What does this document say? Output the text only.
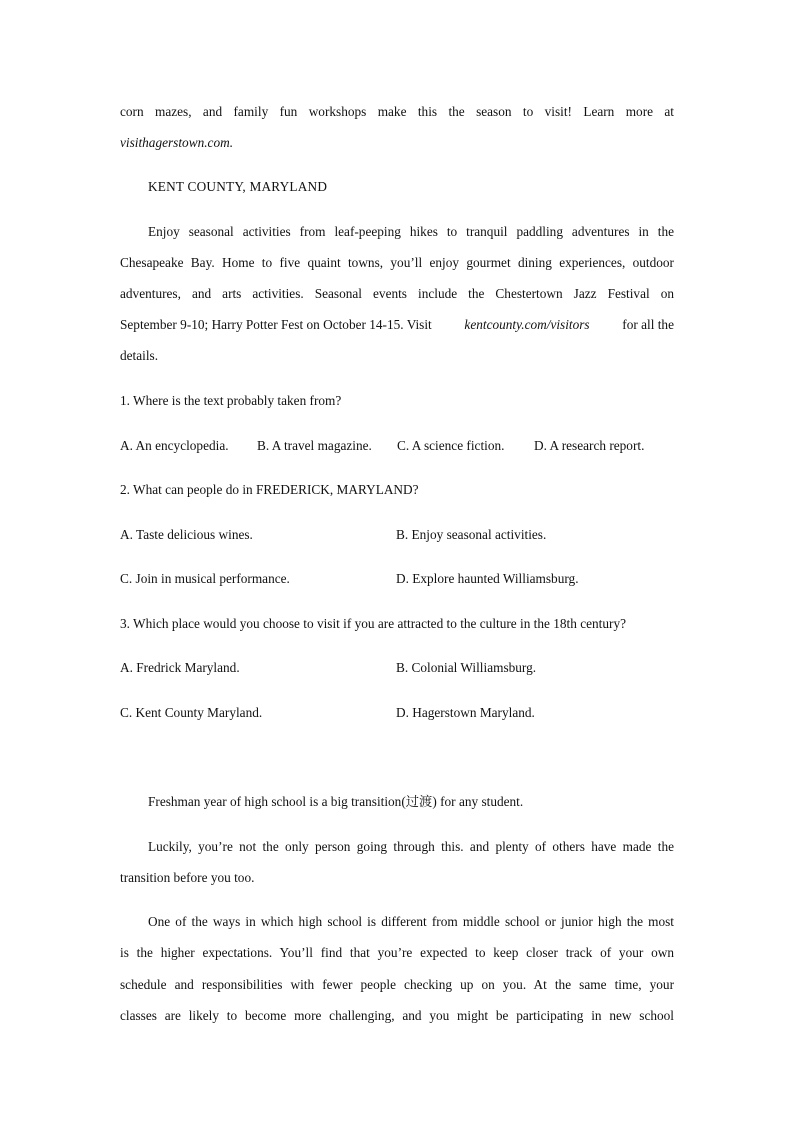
corn mazes, and family fun workshops make this the season to visit! Learn more at
visithagerstown.com.
KENT COUNTY, MARYLAND
Enjoy seasonal activities from leaf-peeping hikes to tranquil paddling adventures in the
Chesapeake Bay. Home to five quaint towns, you’ll enjoy gourmet dining experiences, outdoor
adventures, and arts activities. Seasonal events include the Chestertown Jazz Festival on
September 9-10; Harry Potter Fest on October 14-15. Visit kentcounty.com/visitors for all the
details.
1. Where is the text probably taken from?
A. An encyclopedia. B. A travel magazine. C. A science fiction. D. A research report.
2. What can people do in FREDERICK, MARYLAND?
A. Taste delicious wines.	B. Enjoy seasonal activities.
C. Join in musical performance.	D. Explore haunted Williamsburg.
3. Which place would you choose to visit if you are attracted to the culture in the 18th century?
A. Fredrick Maryland.	B. Colonial Williamsburg.
C. Kent County Maryland.	D. Hagerstown Maryland.
Freshman year of high school is a big transition(过渡) for any student.
Luckily, you’re not the only person going through this. and plenty of others have made the
transition before you too.
One of the ways in which high school is different from middle school or junior high the most
is the higher expectations. You’ll find that you’re expected to keep closer track of your own
schedule and responsibilities with fewer people checking up on you. At the same time, your
classes are likely to become more challenging, and you might be participating in new school
